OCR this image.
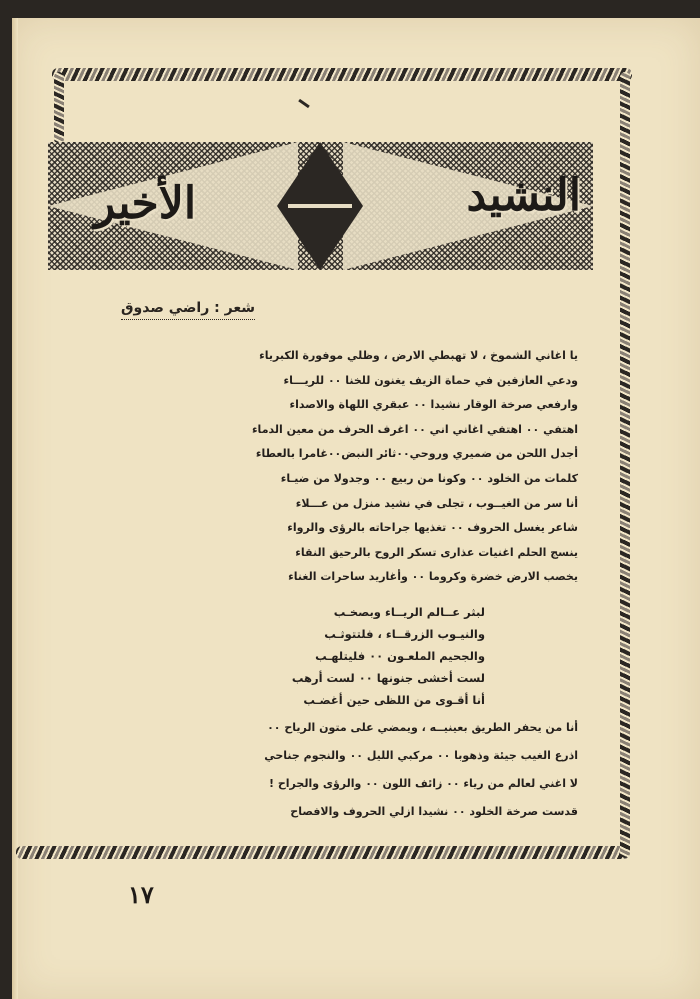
النشيد
الأخير
شعر : راضي صدوق
يا اغاني الشموخ ، لا تهبطي الارض ، وظلي موفورة الكبرياء
ودعي العازفين في حماة الزيف يغنون للخنا ٠٠ للريـــاء
وارفعي صرخة الوقار نشيدا ٠٠ عبقري اللهاة والاصداء
اهتفي ٠٠ اهتفي اغاني اني ٠٠ اغرف الحرف من معين الدماء
أجدل اللحن من ضميري وروحي٠٠ثائر النبض٠٠غامرا بالعطاء
كلمات من الخلود ٠٠ وكونا من ربيع ٠٠ وجدولا من ضيـاء
أنا سر من الغيــوب ، تجلى في نشيد منزل من عـــلاء
شاعر يغسل الحروف ٠٠ تغذيها جراحاته بالرؤى والرواء
ينسج الحلم اغنيات عذارى تسكر الروح بالرحيق النقاء
يخصب الارض خضرة وكروما ٠٠ وأغاريد ساحرات الغناء
لبثر عــالم الريــاء وبصخـب
والنيـوب الزرقــاء ، فلتتوثـب
والجحيم الملعـون ٠٠ فليتلهـب
لست أخشى جنونها ٠٠ لست أرهب
أنا أقـوى من اللظى حين أغضـب
أنا من يحفر الطريق بعينيــه ، ويمضي على متون الرياح ٠٠
اذرع الغيب جيئة وذهوبا ٠٠ مركبي الليل ٠٠ والنجوم جناحي
لا اغني لعالم من رياء ٠٠ زائف اللون ٠٠ والرؤى والجراح !
قدست صرخة الخلود ٠٠ نشيدا ازلي الحروف والافصاح
١٧
